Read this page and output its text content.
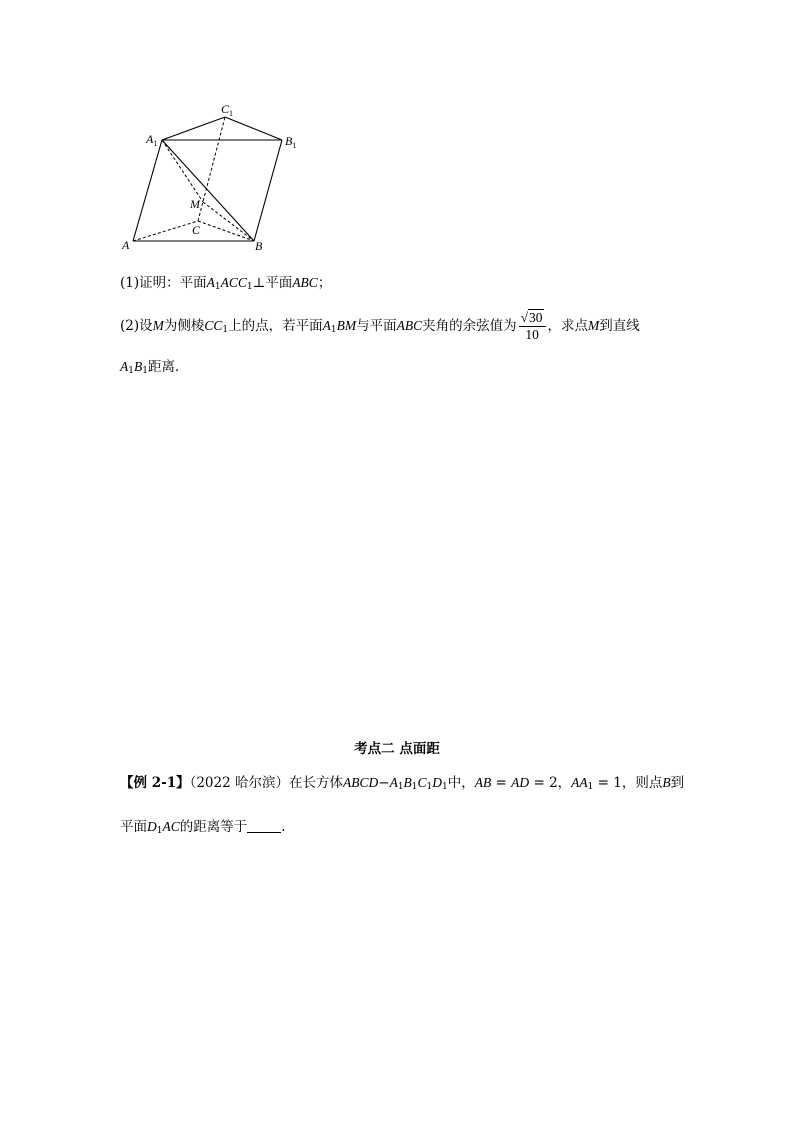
$C_1$
$A_1$	$B_1$
M
C
A	B
(1)证明：平面A1ACC1⊥平面ABC；
(2)设M为侧棱CC1上的点，若平面A1BM与平面ABC夹角的余弦值为 $\frac{√30}{10}$ ，求点M到直线
A1B1距离．
考点二 点面距
【例 2-1】（2022 哈尔滨）在长方体ABCD−A1B1C1D1中，AB = AD = 2，AA1 = 1，则点B到
平面D1AC的距离等于	.
